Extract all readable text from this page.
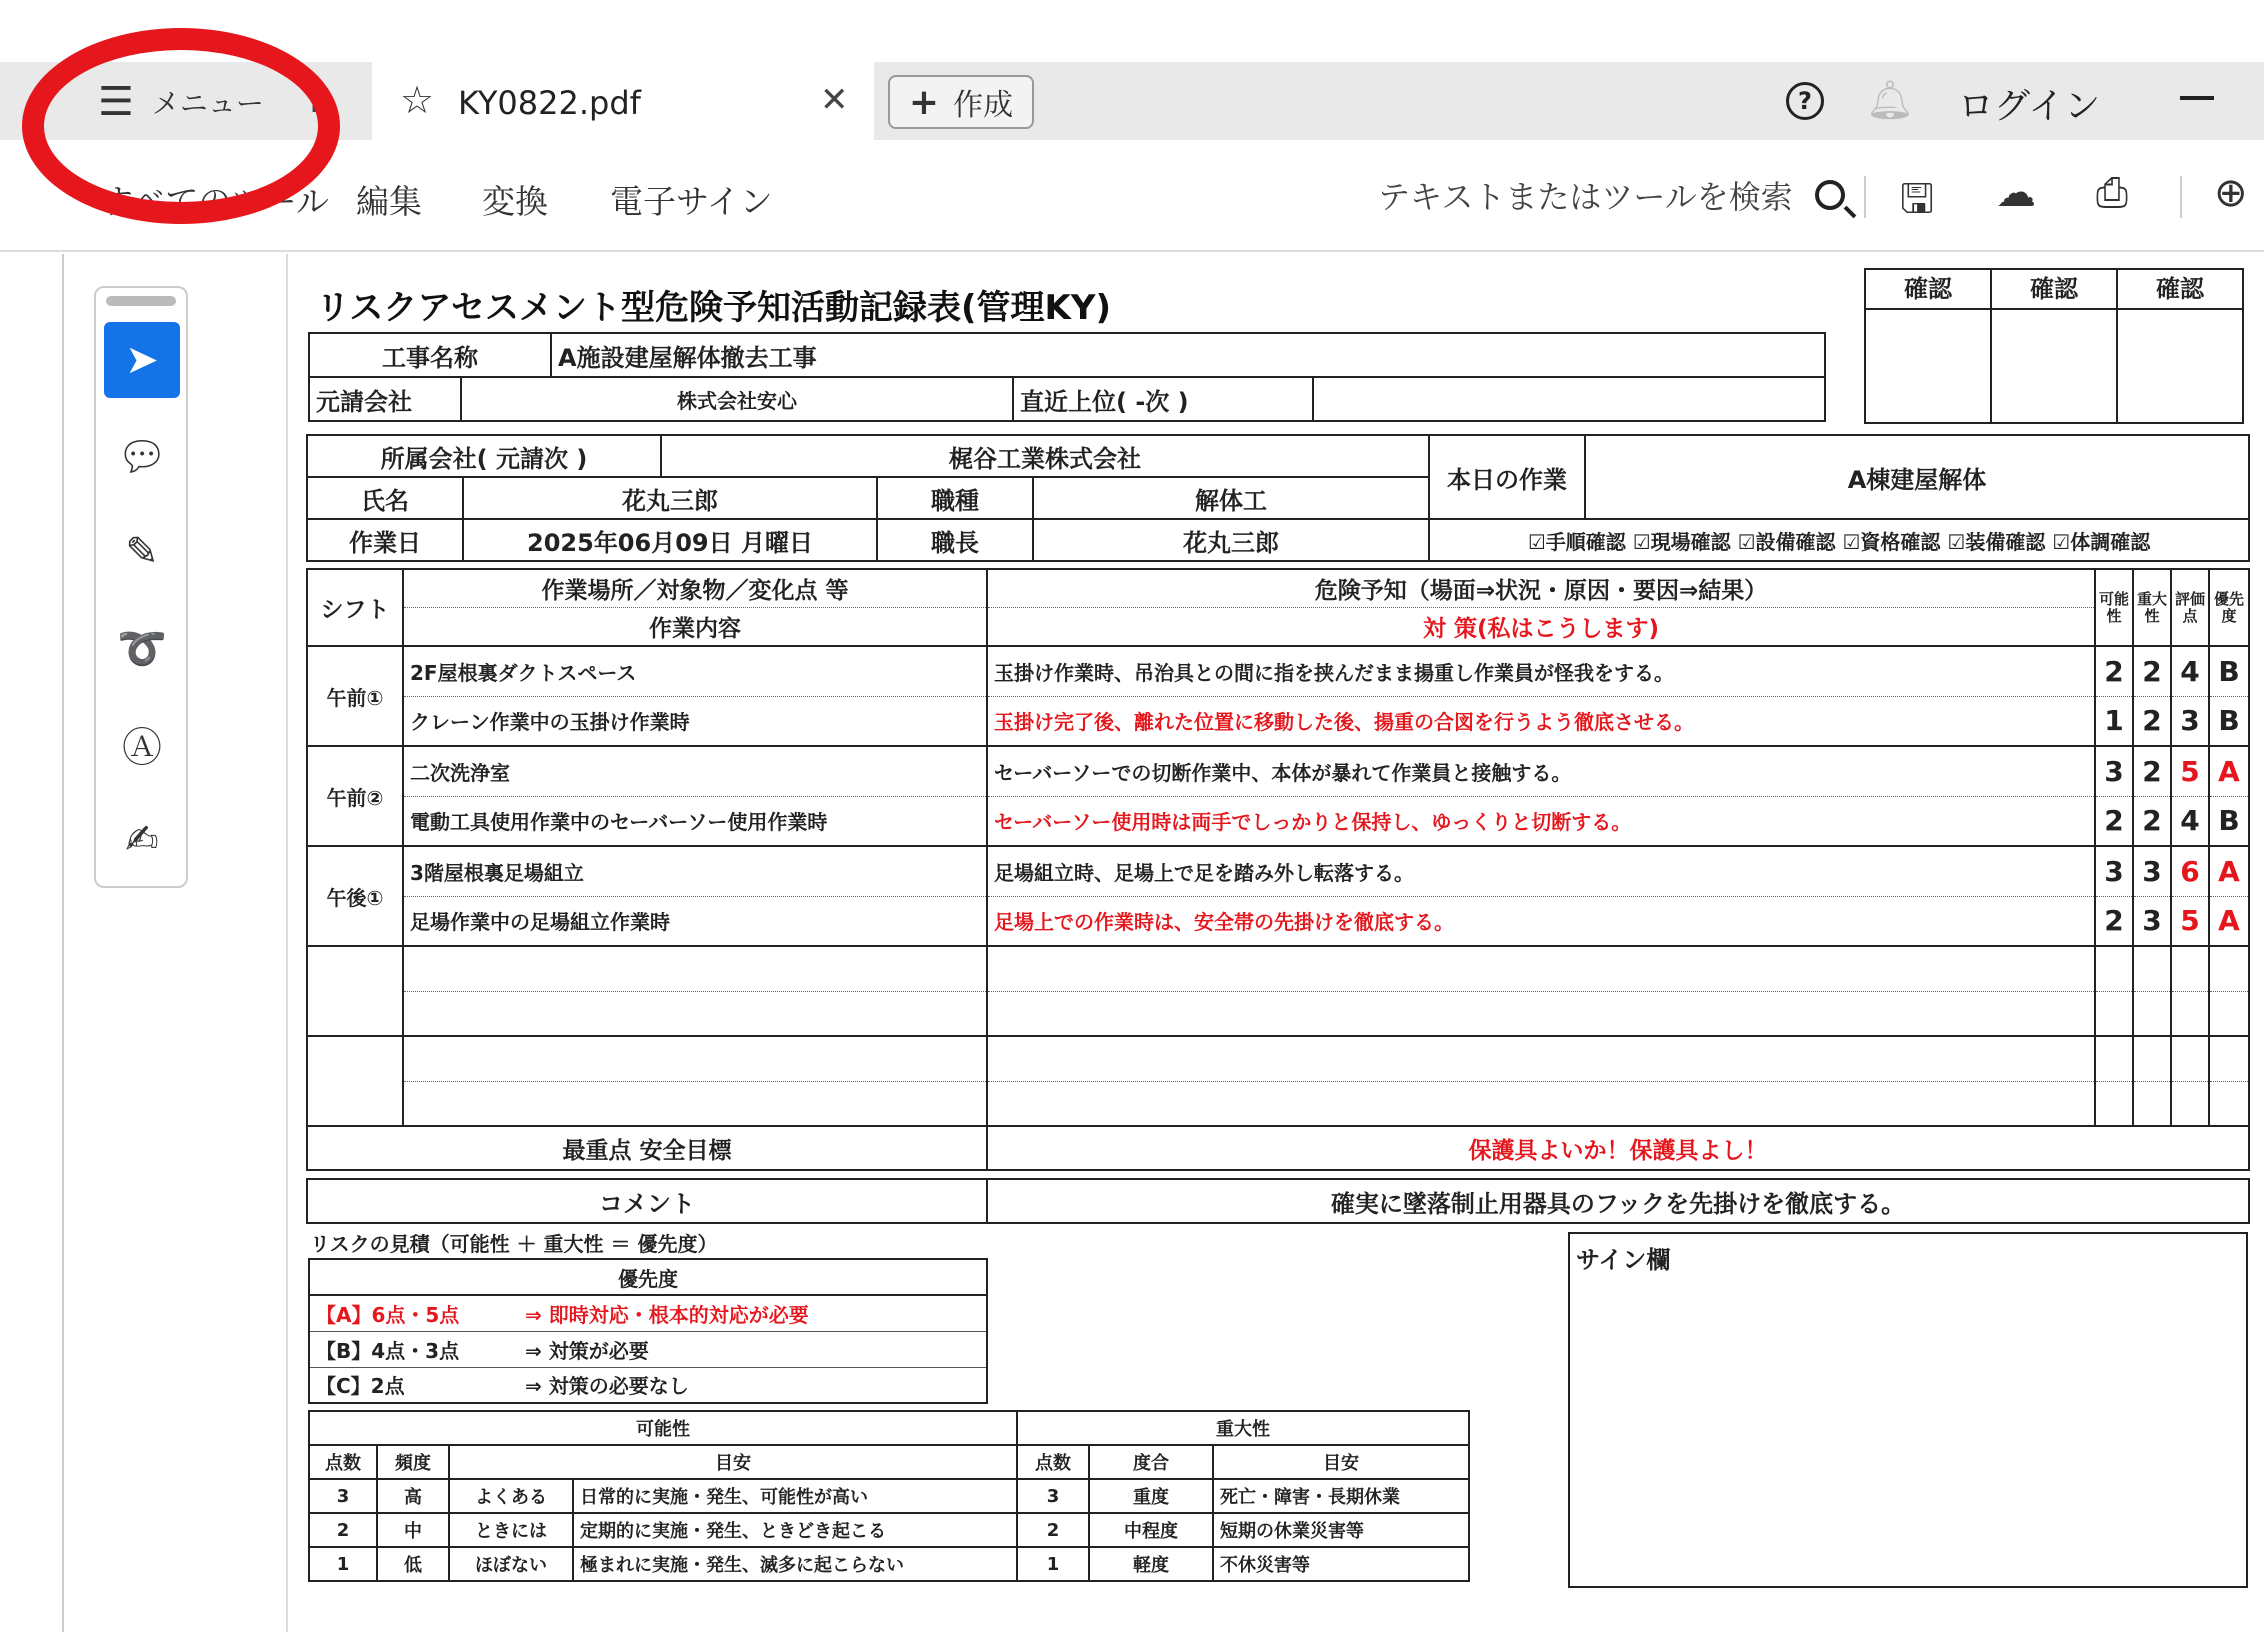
☰ メニュー ⌂ ☆ KY0822.pdf	✕ + 作成	?	🔔︎ ログイン
すべてのツール 編集 変換 電子サイン	テキストまたはツールを検索	🖫 ☁ ⎙ ⊕
➤
💬︎
✎
➰
Ⓐ
✍
リスクアセスメント型危険予知活動記録表(管理KY)	確認	確認	確認
工事名称		A施設建屋解体撤去工事		
元請会社	株式会社安心		直近上位( -次 )	
所属会社( 元請次 )		梶谷工業株式会社			本日の作業	A棟建屋解体
氏名	花丸三郎		職種	解体工		
作業日	2025年06月09日 月曜日		職長	花丸三郎	☑手順確認 ☑現場確認 ☑設備確認 ☑資格確認 ☑装備確認 ☑体調確認	
シフト	作業場所／対象物／変化点 等	危険予知（場面⇒状況・原因・要因⇒結果）	可能性	重大性	評価点	優先度
	作業内容	対 策(私はこうします)				
午前①	2F屋根裏ダクトスペース	玉掛け作業時、吊治具との間に指を挟んだまま揚重し作業員が怪我をする。	2	2	4	B
	クレーン作業中の玉掛け作業時	玉掛け完了後、離れた位置に移動した後、揚重の合図を行うよう徹底させる。	1	2	3	B
午前②	二次洗浄室	セーバーソーでの切断作業中、本体が暴れて作業員と接触する。	3	2	5	A
	電動工具使用作業中のセーバーソー使用作業時	セーバーソー使用時は両手でしっかりと保持し、ゆっくりと切断する。	2	2	4	B
午後①	3階屋根裏足場組立	足場組立時、足場上で足を踏み外し転落する。	3	3	6	A
	足場作業中の足場組立作業時	足場上での作業時は、安全帯の先掛けを徹底する。	2	3	5	A

最重点 安全目標		保護具よいか！保護具よし！				
コメント	確実に墜落制止用器具のフックを先掛けを徹底する。
リスクの見積（可能性 ＋ 重大性 ＝ 優先度）
優先度	
【A】6点・5点	⇒ 即時対応・根本的対応が必要
【B】4点・3点	⇒ 対策が必要
【C】2点	⇒ 対策の必要なし
可能性				重大性		
点数	頻度	目安		点数	度合	目安
3	高	よくある	日常的に実施・発生、可能性が高い	3	重度	死亡・障害・長期休業
2	中	ときには	定期的に実施・発生、ときどき起こる	2	中程度	短期の休業災害等
1	低	ほぼない	極まれに実施・発生、滅多に起こらない	1	軽度	不休災害等
サイン欄
